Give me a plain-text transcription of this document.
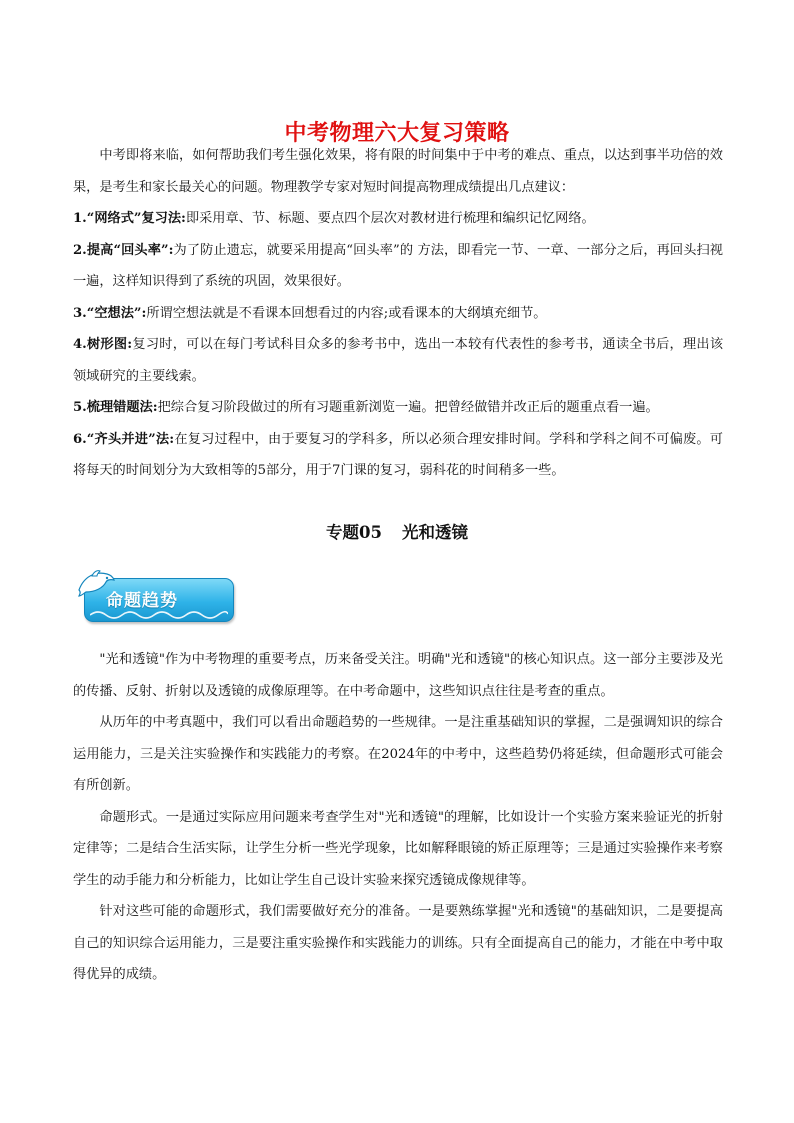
中考物理六大复习策略

中考即将来临，如何帮助我们考生强化效果，将有限的时间集中于中考的难点、重点，以达到事半功倍的效果，是考生和家长最关心的问题。物理教学专家对短时间提高物理成绩提出几点建议：

1.“网络式”复习法:即采用章、节、标题、要点四个层次对教材进行梳理和编织记忆网络。

2.提高“回头率”:为了防止遗忘，就要采用提高“回头率”的 方法，即看完一节、一章、一部分之后，再回头扫视一遍，这样知识得到了系统的巩固，效果很好。

3.“空想法”:所谓空想法就是不看课本回想看过的内容;或看课本的大纲填充细节。

4.树形图:复习时，可以在每门考试科目众多的参考书中，选出一本较有代表性的参考书，通读全书后，理出该领域研究的主要线索。

5.梳理错题法:把综合复习阶段做过的所有习题重新浏览一遍。把曾经做错并改正后的题重点看一遍。

6.“齐头并进”法:在复习过程中，由于要复习的学科多，所以必须合理安排时间。学科和学科之间不可偏废。可将每天的时间划分为大致相等的5部分，用于7门课的复习，弱科花的时间稍多一些。

专题05 光和透镜
命题趋势

"光和透镜"作为中考物理的重要考点，历来备受关注。明确"光和透镜"的核心知识点。这一部分主要涉及光的传播、反射、折射以及透镜的成像原理等。在中考命题中，这些知识点往往是考查的重点。

从历年的中考真题中，我们可以看出命题趋势的一些规律。一是注重基础知识的掌握，二是强调知识的综合运用能力，三是关注实验操作和实践能力的考察。在2024年的中考中，这些趋势仍将延续，但命题形式可能会有所创新。

命题形式。一是通过实际应用问题来考查学生对"光和透镜"的理解，比如设计一个实验方案来验证光的折射定律等；二是结合生活实际，让学生分析一些光学现象，比如解释眼镜的矫正原理等；三是通过实验操作来考察学生的动手能力和分析能力，比如让学生自己设计实验来探究透镜成像规律等。

针对这些可能的命题形式，我们需要做好充分的准备。一是要熟练掌握"光和透镜"的基础知识，二是要提高自己的知识综合运用能力，三是要注重实验操作和实践能力的训练。只有全面提高自己的能力，才能在中考中取得优异的成绩。
